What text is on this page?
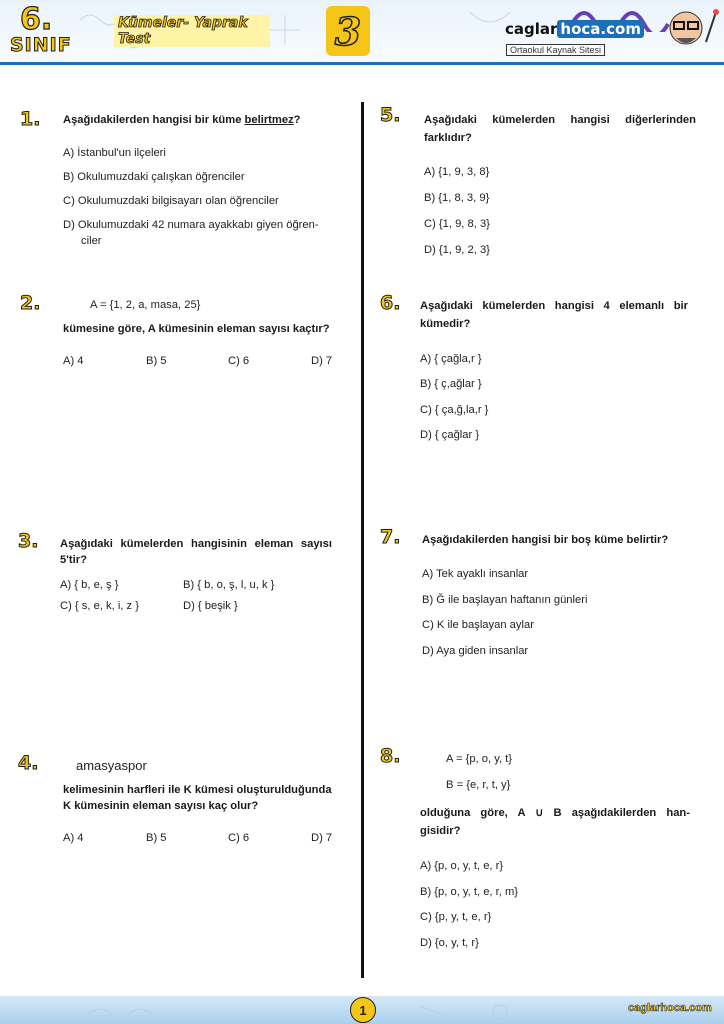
6.
SINIF
Kümeler- Yaprak Test	3	caglar hoca.com
Ortaokul Kaynak Sitesi
1. Aşağıdakilerden hangisi bir küme belirtmez?
A) İstanbul'un ilçeleri
B) Okulumuzdaki çalışkan öğrenciler
C) Okulumuzdaki bilgisayarı olan öğrenciler
D) Okulumuzdaki 42 numara ayakkabı giyen öğren-
ciler
2.	A = {1, 2, a, masa, 25}
kümesine göre, A kümesinin eleman sayısı kaçtır?
A) 4	B) 5	C) 6	D) 7
3. Aşağıdaki kümelerden hangisinin eleman sayısı
5'tir?
A) { b, e, ş }	B) { b, o, ş, l, u, k }
C) { s, e, k, i, z }	D) { beşik }
4.	amasyaspor
kelimesinin harfleri ile K kümesi oluşturulduğunda
K kümesinin eleman sayısı kaç olur?
A) 4	B) 5	C) 6	D) 7
5. Aşağıdaki kümelerden hangisi diğerlerinden
farklıdır?
A) {1, 9, 3, 8}
B) {1, 8, 3, 9}
C) {1, 9, 8, 3}
D) {1, 9, 2, 3}
6. Aşağıdaki kümelerden hangisi 4 elemanlı bir
kümedir?
A) { çağla,r }
B) { ç,ağlar }
C) { ça,ğ,la,r }
D) { çağlar }
7. Aşağıdakilerden hangisi bir boş küme belirtir?
A) Tek ayaklı insanlar
B) Ğ ile başlayan haftanın günleri
C) K ile başlayan aylar
D) Aya giden insanlar
8.	A = {p, o, y, t}
B = {e, r, t, y}
olduğuna göre, A ∪ B aşağıdakilerden han-
gisidir?
A) {p, o, y, t, e, r}
B) {p, o, y, t, e, r, m}
C) {p, y, t, e, r}
D) {o, y, t, r}
1	caglarhoca.com
